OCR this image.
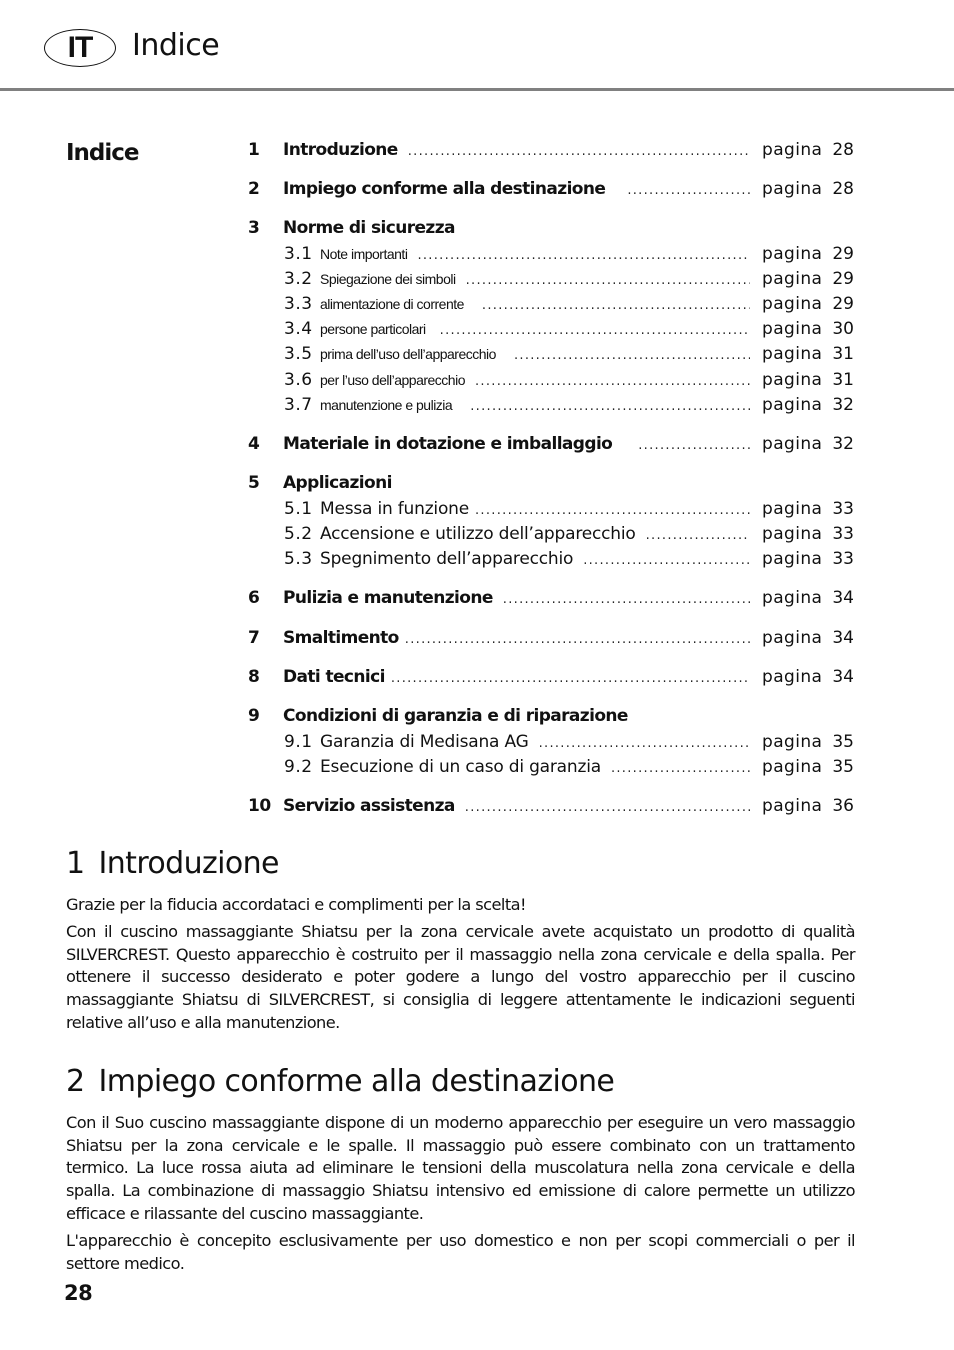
IT	Indice
Indice	1	Introduzione .....	pagina 28
2	Impiego conforme alla destinazione .....	pagina 28
3	Norme di sicurezza
3.1 Note importanti .....	pagina 29
3.2 Spiegazione dei simboli .....	pagina 29
3.3 alimentazione di corrente .....	pagina 29
3.4 persone particolari .....	pagina 30
3.5 prima dell’uso dell’apparecchio .....	pagina 31
3.6 per l’uso dell’apparecchio .....	pagina 31
3.7 manutenzione e pulizia .....	pagina 32
4	Materiale in dotazione e imballaggio .....	pagina 32
5	Applicazioni
5.1 Messa in funzione .....	pagina 33
5.2 Accensione e utilizzo dell’apparecchio .....	pagina 33
5.3 Spegnimento dell’apparecchio .....	pagina 33
6	Pulizia e manutenzione .....	pagina 34
7	Smaltimento .....	pagina 34
8	Dati tecnici .....	pagina 34
9	Condizioni di garanzia e di riparazione
9.1 Garanzia di Medisana AG .....	pagina 35
9.2 Esecuzione di un caso di garanzia .....	pagina 35
10 Servizio assistenza .....	pagina 36
1 Introduzione
Grazie per la fiducia accordataci e complimenti per la scelta!
Con il cuscino massaggiante Shiatsu per la zona cervicale avete acquistato un prodotto di qualità SILVERCREST. Questo apparecchio è costruito per il massaggio nella zona cervicale e della spalla. Per ottenere il successo desiderato e poter godere a lungo del vostro apparecchio per il cuscino massaggiante Shiatsu di SILVERCREST, si consiglia di leggere attentamente le indicazioni seguenti relative all’uso e alla manutenzione.
2 Impiego conforme alla destinazione
Con il Suo cuscino massaggiante dispone di un moderno apparecchio per eseguire un vero massaggio Shiatsu per la zona cervicale e le spalle. Il massaggio può essere combinato con un trattamento termico. La luce rossa aiuta ad eliminare le tensioni della muscolatura nella zona cervicale e della spalla. La combinazione di massaggio Shiatsu intensivo ed emissione di calore permette un utilizzo efficace e rilassante del cuscino massaggiante.
L'apparecchio è concepito esclusivamente per uso domestico e non per scopi commerciali o per il settore medico.
28
